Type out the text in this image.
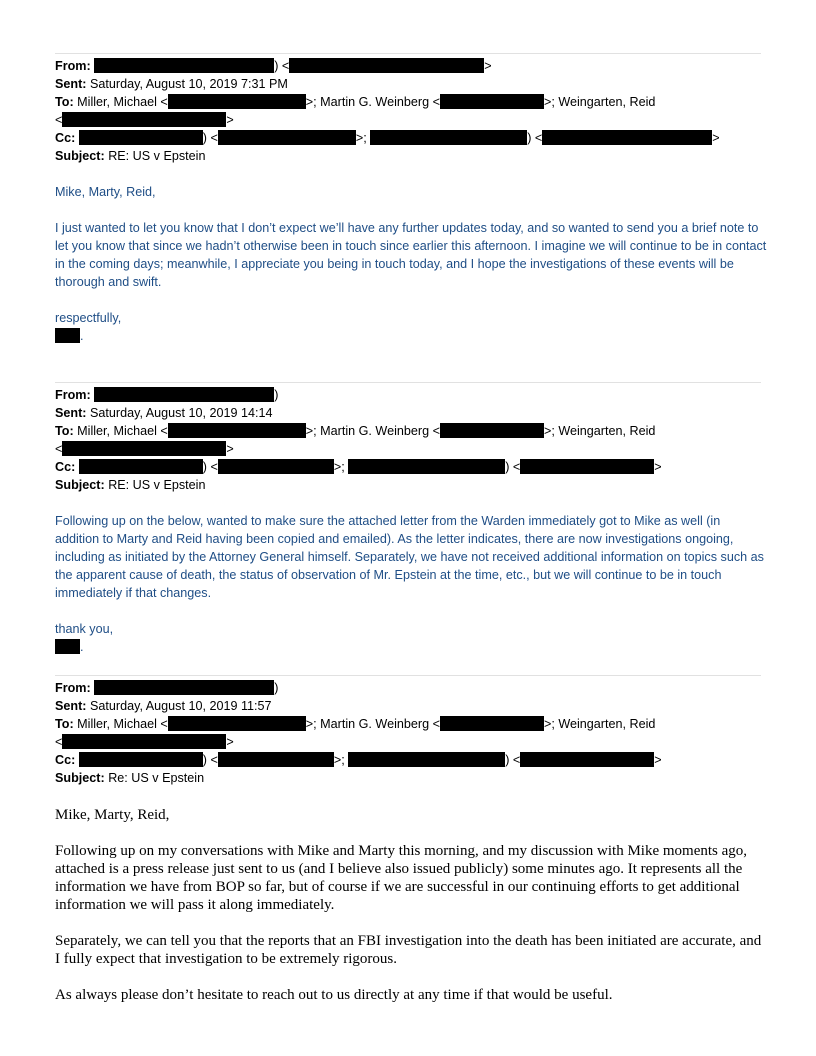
From:	) <	>
Sent: Saturday, August 10, 2019 7:31 PM
To: Miller, Michael <	>; Martin G. Weinberg <	>; Weingarten, Reid
<	>
Cc:	) <	>;	) <	>
Subject: RE: US v Epstein

Mike, Marty, Reid,

I just wanted to let you know that I don’t expect we’ll have any further updates today, and so wanted to send you a brief note to let you know that since we hadn’t otherwise been in touch since earlier this afternoon. I imagine we will continue to be in contact in the coming days; meanwhile, I appreciate you being in touch today, and I hope the investigations of these events will be thorough and swift.

respectfully,

.
From:	)
Sent: Saturday, August 10, 2019 14:14
To: Miller, Michael <	>; Martin G. Weinberg <	>; Weingarten, Reid
<	>
Cc:	) <	>;	) <	>
Subject: RE: US v Epstein

Following up on the below, wanted to make sure the attached letter from the Warden immediately got to Mike as well (in addition to Marty and Reid having been copied and emailed). As the letter indicates, there are now investigations ongoing, including as initiated by the Attorney General himself. Separately, we have not received additional information on topics such as the apparent cause of death, the status of observation of Mr. Epstein at the time, etc., but we will continue to be in touch immediately if that changes.

thank you,

.
From:	)
Sent: Saturday, August 10, 2019 11:57
To: Miller, Michael <	>; Martin G. Weinberg <	>; Weingarten, Reid
<	>
Cc:	) <	>;	) <	>
Subject: Re: US v Epstein

Mike, Marty, Reid,

Following up on my conversations with Mike and Marty this morning, and my discussion with Mike moments ago, attached is a press release just sent to us (and I believe also issued publicly) some minutes ago. It represents all the information we have from BOP so far, but of course if we are successful in our continuing efforts to get additional information we will pass it along immediately.

Separately, we can tell you that the reports that an FBI investigation into the death has been initiated are accurate, and I fully expect that investigation to be extremely rigorous.

As always please don’t hesitate to reach out to us directly at any time if that would be useful.
